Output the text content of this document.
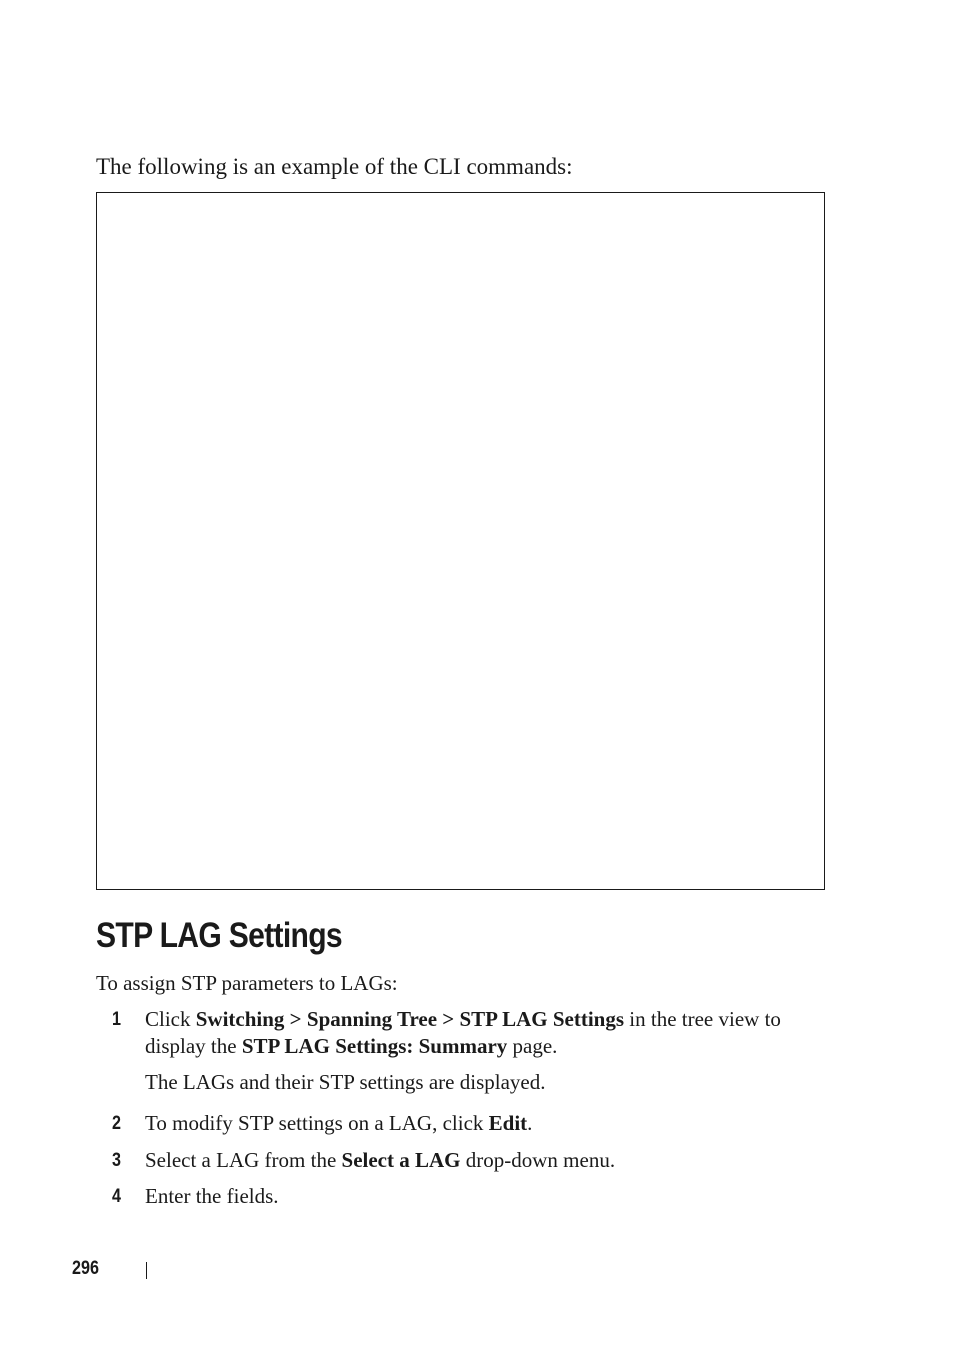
The following is an example of the CLI commands:
STP LAG Settings
To assign STP parameters to LAGs:
1 Click Switching > Spanning Tree > STP LAG Settings in the tree view to display the STP LAG Settings: Summary page.
The LAGs and their STP settings are displayed.
2 To modify STP settings on a LAG, click Edit.
3 Select a LAG from the Select a LAG drop-down menu.
4 Enter the fields.
296
